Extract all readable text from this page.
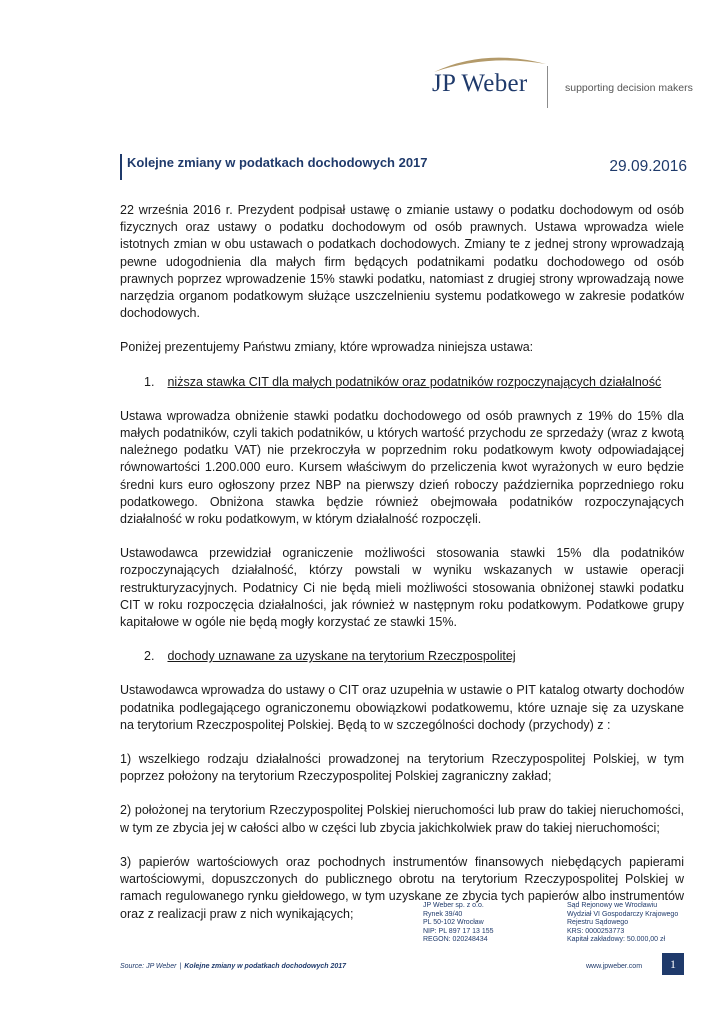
JP Weber	supporting decision makers
Kolejne zmiany w podatkach dochodowych 2017	29.09.2016

22 września 2016 r. Prezydent podpisał ustawę o zmianie ustawy o podatku dochodowym od osób fizycznych oraz ustawy o podatku dochodowym od osób prawnych. Ustawa wprowadza wiele istotnych zmian w obu ustawach o podatkach dochodowych. Zmiany te z jednej strony wprowadzają pewne udogodnienia dla małych firm będących podatnikami podatku dochodowego od osób prawnych poprzez wprowadzenie 15% stawki podatku, natomiast z drugiej strony wprowadzają nowe narzędzia organom podatkowym służące uszczelnieniu systemu podatkowego w zakresie podatków dochodowych.

Poniżej prezentujemy Państwu zmiany, które wprowadza niniejsza ustawa:

1. niższa stawka CIT dla małych podatników oraz podatników rozpoczynających działalność

Ustawa wprowadza obniżenie stawki podatku dochodowego od osób prawnych z 19% do 15% dla małych podatników, czyli takich podatników, u których wartość przychodu ze sprzedaży (wraz z kwotą należnego podatku VAT) nie przekroczyła w poprzednim roku podatkowym kwoty odpowiadającej równowartości 1.200.000 euro. Kursem właściwym do przeliczenia kwot wyrażonych w euro będzie średni kurs euro ogłoszony przez NBP na pierwszy dzień roboczy października poprzedniego roku podatkowego. Obniżona stawka będzie również obejmowała podatników rozpoczynających działalność w roku podatkowym, w którym działalność rozpoczęli.

Ustawodawca przewidział ograniczenie możliwości stosowania stawki 15% dla podatników rozpoczynających działalność, którzy powstali w wyniku wskazanych w ustawie operacji restrukturyzacyjnych. Podatnicy Ci nie będą mieli możliwości stosowania obniżonej stawki podatku CIT w roku rozpoczęcia działalności, jak również w następnym roku podatkowym. Podatkowe grupy kapitałowe w ogóle nie będą mogły korzystać ze stawki 15%.

2. dochody uznawane za uzyskane na terytorium Rzeczpospolitej

Ustawodawca wprowadza do ustawy o CIT oraz uzupełnia w ustawie o PIT katalog otwarty dochodów podatnika podlegającego ograniczonemu obowiązkowi podatkowemu, które uznaje się za uzyskane na terytorium Rzeczpospolitej Polskiej. Będą to w szczególności dochody (przychody) z :

1) wszelkiego rodzaju działalności prowadzonej na terytorium Rzeczypospolitej Polskiej, w tym poprzez położony na terytorium Rzeczypospolitej Polskiej zagraniczny zakład;

2) położonej na terytorium Rzeczypospolitej Polskiej nieruchomości lub praw do takiej nieruchomości, w tym ze zbycia jej w całości albo w części lub zbycia jakichkolwiek praw do takiej nieruchomości;

3) papierów wartościowych oraz pochodnych instrumentów finansowych niebędących papierami wartościowymi, dopuszczonych do publicznego obrotu na terytorium Rzeczypospolitej Polskiej w ramach regulowanego rynku giełdowego, w tym uzyskane ze zbycia tych papierów albo instrumentów oraz z realizacji praw z nich wynikających;

JP Weber sp. z o.o.
Rynek 39/40
PL 50-102 Wrocław
NIP: PL 897 17 13 155
REGON: 020248434
Sąd Rejonowy we Wrocławiu
Wydział VI Gospodarczy Krajowego
Rejestru Sądowego
KRS: 0000253773
Kapitał zakładowy: 50.000,00 zł
Source: JP Weber | Kolejne zmiany w podatkach dochodowych 2017	www.jpweber.com	1
